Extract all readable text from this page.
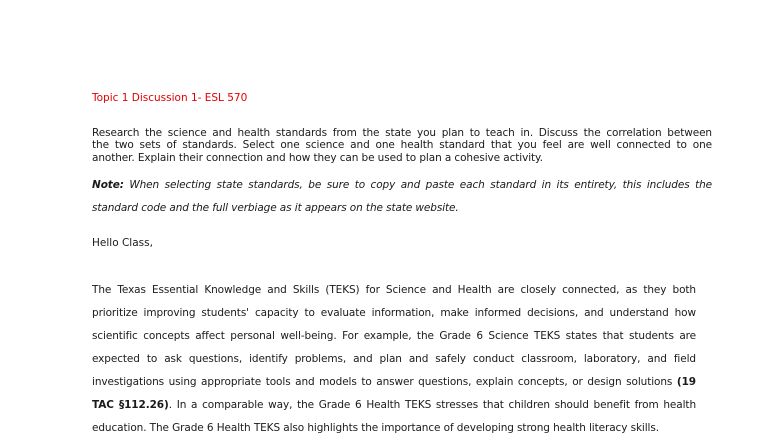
Topic 1 Discussion 1- ESL 570
Research the science and health standards from the state you plan to teach in. Discuss the correlation between
the two sets of standards. Select one science and one health standard that you feel are well connected to one
another. Explain their connection and how they can be used to plan a cohesive activity.
Note: When selecting state standards, be sure to copy and paste each standard in its entirety, this includes the
standard code and the full verbiage as it appears on the state website.
Hello Class,
The Texas Essential Knowledge and Skills (TEKS) for Science and Health are closely connected, as they both
prioritize improving students' capacity to evaluate information, make informed decisions, and understand how
scientific concepts affect personal well-being. For example, the Grade 6 Science TEKS states that students are
expected to ask questions, identify problems, and plan and safely conduct classroom, laboratory, and field
investigations using appropriate tools and models to answer questions, explain concepts, or design solutions (19
TAC §112.26). In a comparable way, the Grade 6 Health TEKS stresses that children should benefit from health
education. The Grade 6 Health TEKS also highlights the importance of developing strong health literacy skills.
